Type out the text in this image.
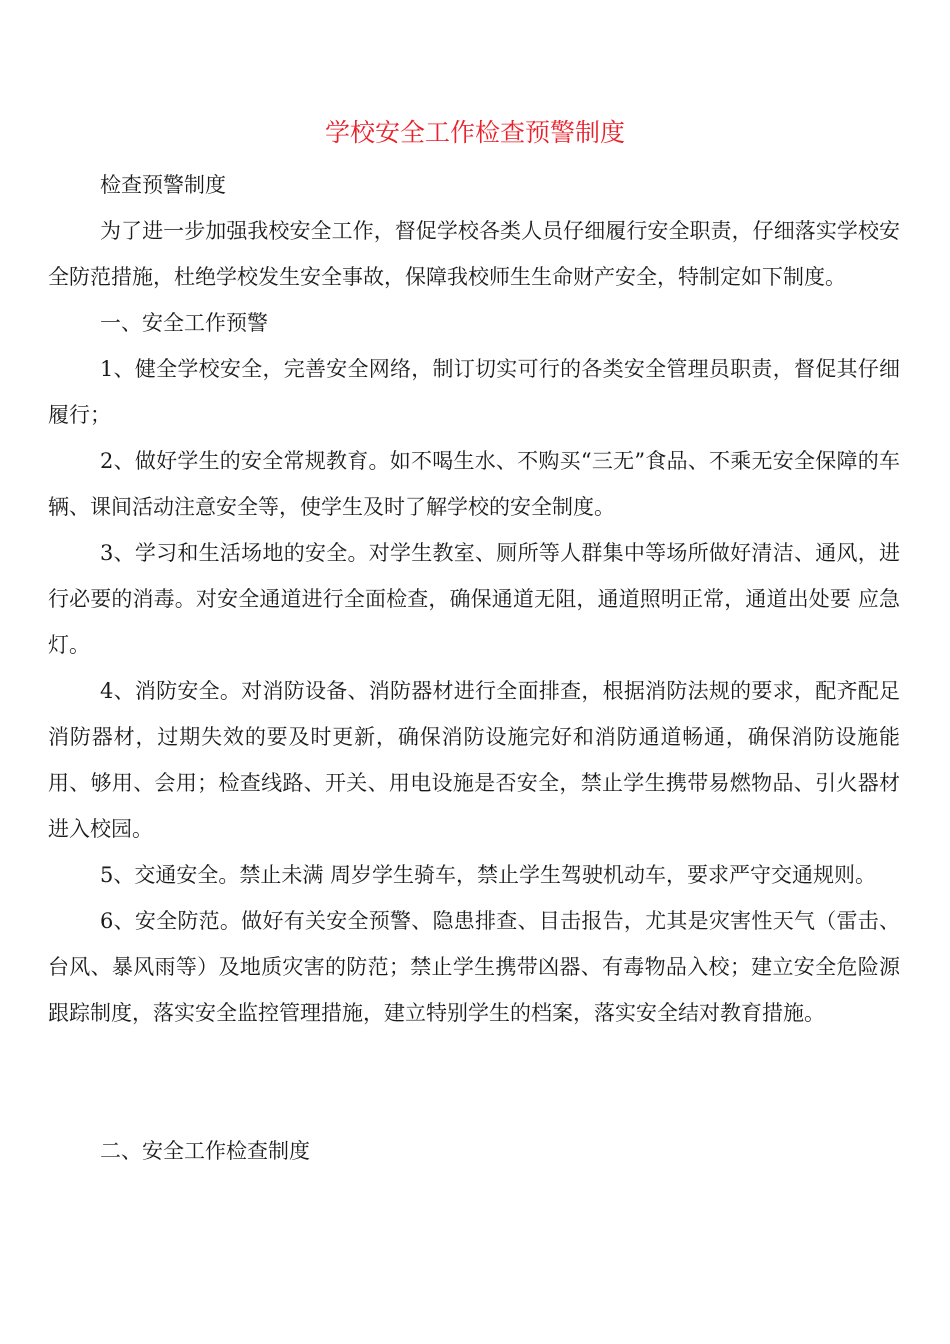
学校安全工作检查预警制度

检查预警制度

为了进一步加强我校安全工作，督促学校各类人员仔细履行安全职责，仔细落实学校安全防范措施，杜绝学校发生安全事故，保障我校师生生命财产安全，特制定如下制度。

一、安全工作预警

1、健全学校安全，完善安全网络，制订切实可行的各类安全管理员职责，督促其仔细履行；

2、做好学生的安全常规教育。如不喝生水、不购买“三无”食品、不乘无安全保障的车辆、课间活动注意安全等，使学生及时了解学校的安全制度。

3、学习和生活场地的安全。对学生教室、厕所等人群集中等场所做好清洁、通风，进行必要的消毒。对安全通道进行全面检查，确保通道无阻，通道照明正常，通道出处要 应急灯。

4、消防安全。对消防设备、消防器材进行全面排查，根据消防法规的要求，配齐配足消防器材，过期失效的要及时更新，确保消防设施完好和消防通道畅通，确保消防设施能用、够用、会用；检查线路、开关、用电设施是否安全，禁止学生携带易燃物品、引火器材进入校园。

5、交通安全。禁止未满 周岁学生骑车，禁止学生驾驶机动车，要求严守交通规则。

6、安全防范。做好有关安全预警、隐患排查、目击报告，尤其是灾害性天气（雷击、台风、暴风雨等）及地质灾害的防范；禁止学生携带凶器、有毒物品入校；建立安全危险源跟踪制度，落实安全监控管理措施，建立特别学生的档案，落实安全结对教育措施。

二、安全工作检查制度
